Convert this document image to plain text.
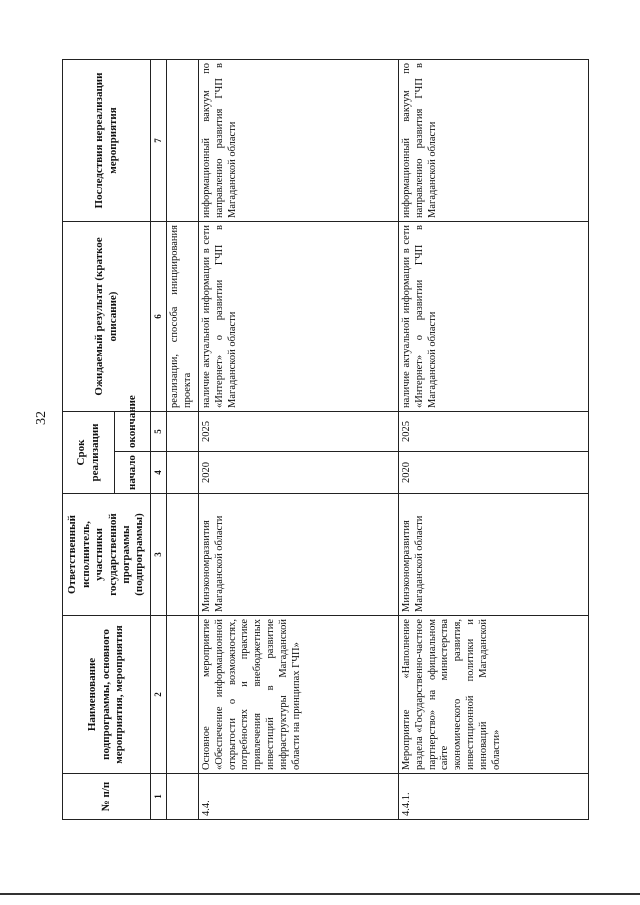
32
№ п/п	Наименование подпрограммы, основного мероприятия, мероприятия	Ответственный исполнитель, участники государственной программы (подпрограммы)	Срок реализации		Ожидаемый результат (краткое описание)	Последствия нереализации мероприятия
			начало	окончание		
1	2	3	4	5	6	7
					реализации, способа инициирования проекта	
4.4.	Основное мероприятие «Обеспечение информационной открытости о возможностях, потребностях и практике привлечения внебюджетных инвестиций в развитие инфраструктуры Магаданской области на принципах ГЧП»	Минэкономразвития Магаданской области	2020	2025	наличие актуальной информации в сети «Интернет» о развитии ГЧП в Магаданской области	информационный вакуум по направлению развития ГЧП в Магаданской области
4.4.1.	Мероприятие «Наполнение раздела «Государственно-частное партнерство» на официальном сайте министерства экономического развития, инвестиционной политики и инноваций Магаданской области»	Минэкономразвития Магаданской области	2020	2025	наличие актуальной информации в сети «Интернет» о развитии ГЧП в Магаданской области	информационный вакуум по направлению развития ГЧП в Магаданской области
